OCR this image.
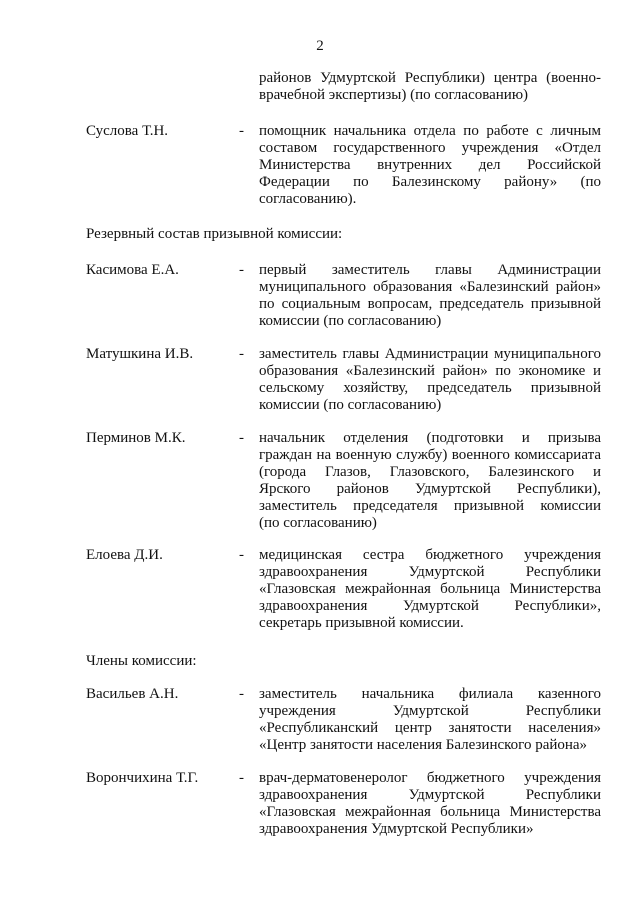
2
районов Удмуртской Республики) центра (военно-
врачебной экспертизы) (по согласованию)
Суслова Т.Н.	- помощник начальника отдела по работе с личным
составом государственного учреждения «Отдел
Министерства внутренних дел Российской
Федерации по Балезинскому району» (по
согласованию).
Резервный состав призывной комиссии:
Касимова Е.А.	- первый заместитель главы Администрации
муниципального образования «Балезинский район»
по социальным вопросам, председатель призывной
комиссии (по согласованию)
Матушкина И.В.	- заместитель главы Администрации муниципального
образования «Балезинский район» по экономике и
сельскому хозяйству, председатель призывной
комиссии (по согласованию)
Перминов М.К.	- начальник отделения (подготовки и призыва
граждан на военную службу) военного комиссариата
(города Глазов, Глазовского, Балезинского и
Ярского районов Удмуртской Республики),
заместитель председателя призывной комиссии
(по согласованию)
Елоева Д.И.	- медицинская сестра бюджетного учреждения
здравоохранения Удмуртской Республики
«Глазовская межрайонная больница Министерства
здравоохранения Удмуртской Республики»,
секретарь призывной комиссии.
Члены комиссии:
Васильев А.Н.	- заместитель начальника филиала казенного
учреждения Удмуртской Республики
«Республиканский центр занятости населения»
«Центр занятости населения Балезинского района»
Ворончихина Т.Г.	- врач-дерматовенеролог бюджетного учреждения
здравоохранения Удмуртской Республики
«Глазовская межрайонная больница Министерства
здравоохранения Удмуртской Республики»
